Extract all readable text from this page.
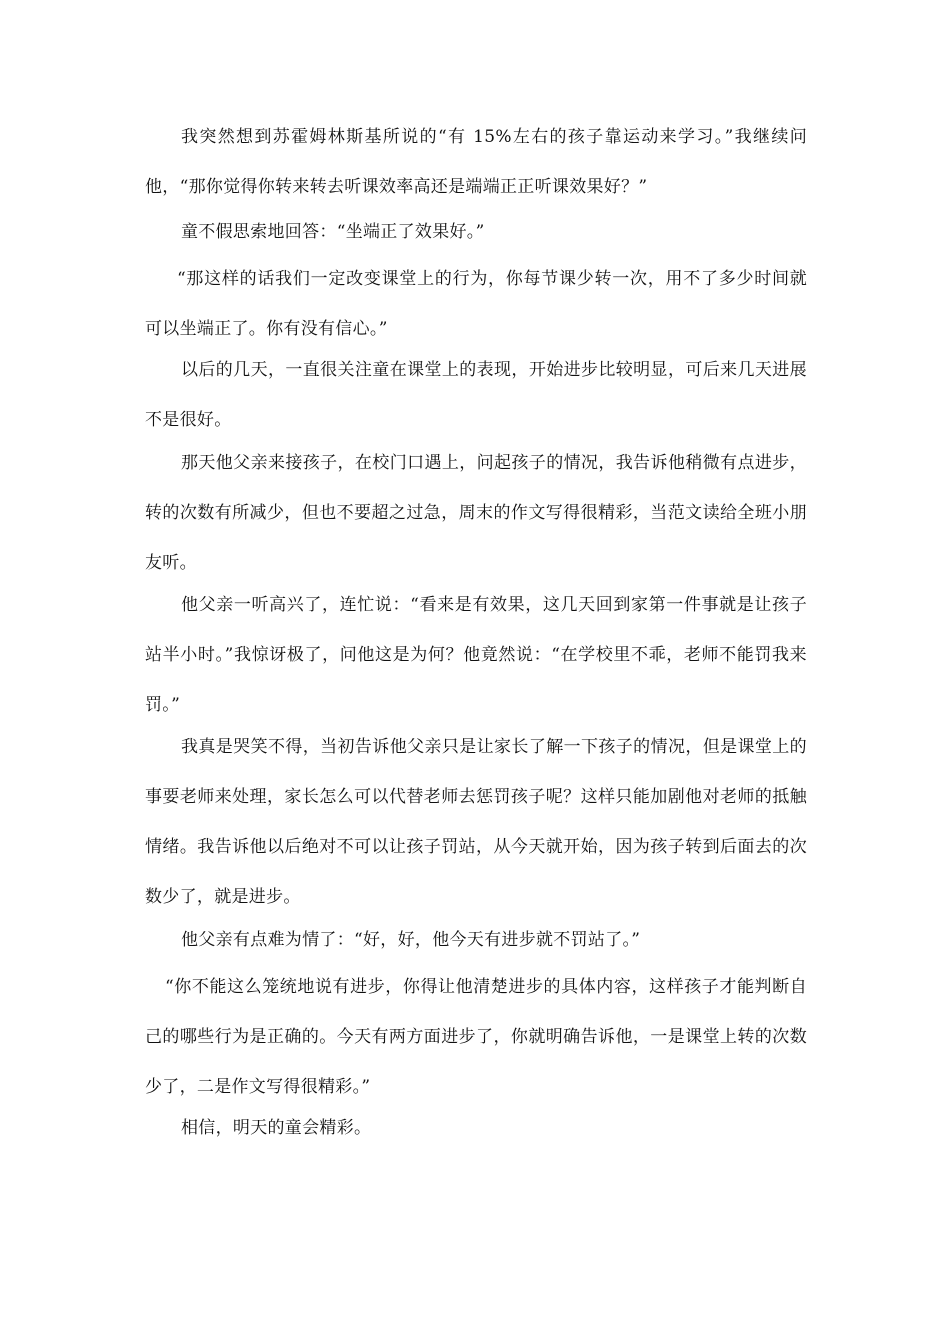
我突然想到苏霍姆林斯基所说的“有 15%左右的孩子靠运动来学习。”我继续问他，“那你觉得你转来转去听课效率高还是端端正正听课效果好？”

童不假思索地回答：“坐端正了效果好。”

“那这样的话我们一定改变课堂上的行为，你每节课少转一次，用不了多少时间就可以坐端正了。你有没有信心。”

以后的几天，一直很关注童在课堂上的表现，开始进步比较明显，可后来几天进展不是很好。

那天他父亲来接孩子，在校门口遇上，问起孩子的情况，我告诉他稍微有点进步，转的次数有所减少，但也不要超之过急，周末的作文写得很精彩，当范文读给全班小朋友听。

他父亲一听高兴了，连忙说：“看来是有效果，这几天回到家第一件事就是让孩子站半小时。”我惊讶极了，问他这是为何？他竟然说：“在学校里不乖，老师不能罚我来罚。”

我真是哭笑不得，当初告诉他父亲只是让家长了解一下孩子的情况，但是课堂上的事要老师来处理，家长怎么可以代替老师去惩罚孩子呢？这样只能加剧他对老师的抵触情绪。我告诉他以后绝对不可以让孩子罚站，从今天就开始，因为孩子转到后面去的次数少了，就是进步。

他父亲有点难为情了：“好，好，他今天有进步就不罚站了。”

“你不能这么笼统地说有进步，你得让他清楚进步的具体内容，这样孩子才能判断自己的哪些行为是正确的。今天有两方面进步了，你就明确告诉他，一是课堂上转的次数少了，二是作文写得很精彩。”

相信，明天的童会精彩。
